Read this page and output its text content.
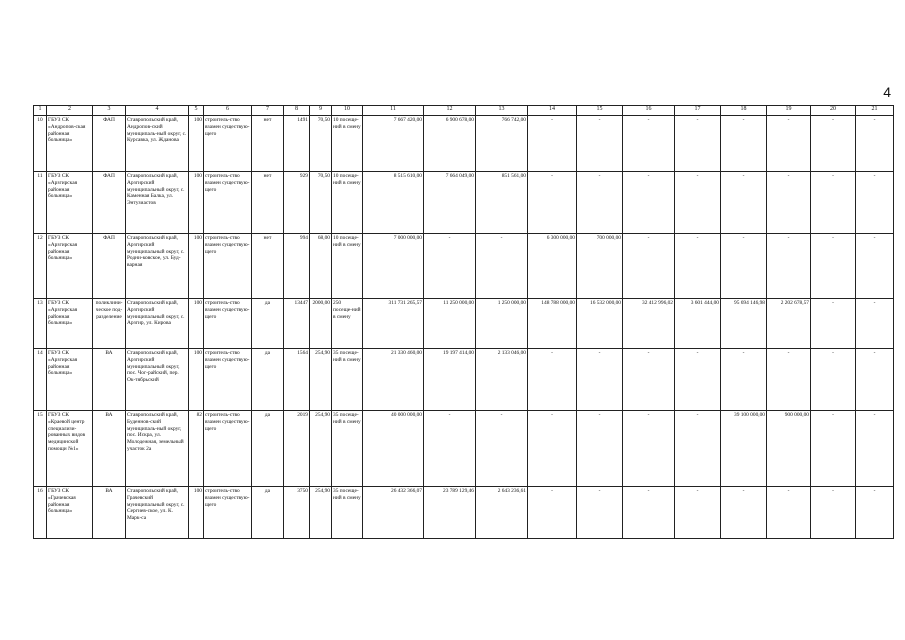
4
1	2	3	4	5	6	7	8	9	10	11	12	13	14	15	16	17	18	19	20	21
10	ГБУЗ СК «Андропов-ская районная больница»	ФАП	Ставропольский край, Андропов-ский муниципаль-ный округ, с. Курсавка, ул. Жданова	100	строитель-ство взамен существую-щего	нет	1491	70,50	10 посеще-ний в смену	7 667 420,00	6 900 678,00	766 742,00	-	-	-	-	-	-	-	-
11	ГБУЗ СК «Арзгирская районная больница»	ФАП	Ставропольский край, Арзгирский муниципальный округ, с. Каменная Балка, ул. Энтузиастов	100	строитель-ство взамен существую-щего	нет	929	70,50	10 посеще-ний в смену	8 515 610,00	7 664 049,00	851 561,00	-	-	-	-	-	-	-	-
12	ГБУЗ СК «Арзгирская районная больница»	ФАП	Ставропольский край, Арзгирский муниципальный округ, с. Родни-ковское, ул. Буд-варная	100	строитель-ство взамен существую-щего	нет	994	68,00	10 посеще-ний в смену	7 000 000,00	-	-	6 300 000,00	700 000,00	-	-	-	-	-	-
13	ГБУЗ СК «Арзгирская районная больница»	поликлини-ческое под-разделение	Ставропольский край, Арзгирский муниципальный округ, с. Арзгир, ул. Кирова	100	строитель-ство взамен существую-щего	да	13447	2000,00	250 посеще-ний в смену	311 731 265,57	11 250 000,00	1 250 000,00	148 788 000,00	16 532 000,00	32 412 996,02	3 601 444,00	95 694 146,98	2 202 678,57	-	-
14	ГБУЗ СК «Арзгирская районная больница»	ВА	Ставропольский край, Арзгирский муниципальный округ, пос. Чог-райский, пер. Ок-тябрьский	100	строитель-ство взамен существую-щего	да	1564	254,90	35 посеще-ний в смену	21 330 460,00	19 197 414,00	2 133 046,00	-	-	-	-	-	-	-	-
15	ГБУЗ СК «Краевой центр специализи-рованных видов медицинской помощи №1»	ВА	Ставропольский край, Буденнов-ский муниципаль-ный округ, пос. Искра, ул. Молодежная, земельный участок 2а	82	строитель-ство взамен существую-щего	да	2019	254,90	35 посеще-ний в смену	40 000 000,00	-	-	-	-	-	-	39 100 000,00	900 000,00	-	-
16	ГБУЗ СК «Грачевская районная больница»	ВА	Ставропольский край, Грачевский муниципальный округ, с. Сергиев-ское, ул. К. Марк-са	100	строитель-ство взамен существую-щего	да	3750	254,90	35 посеще-ний в смену	26 432 366,07	23 789 129,46	2 643 236,61	-	-	-	-	-	-	-	-
